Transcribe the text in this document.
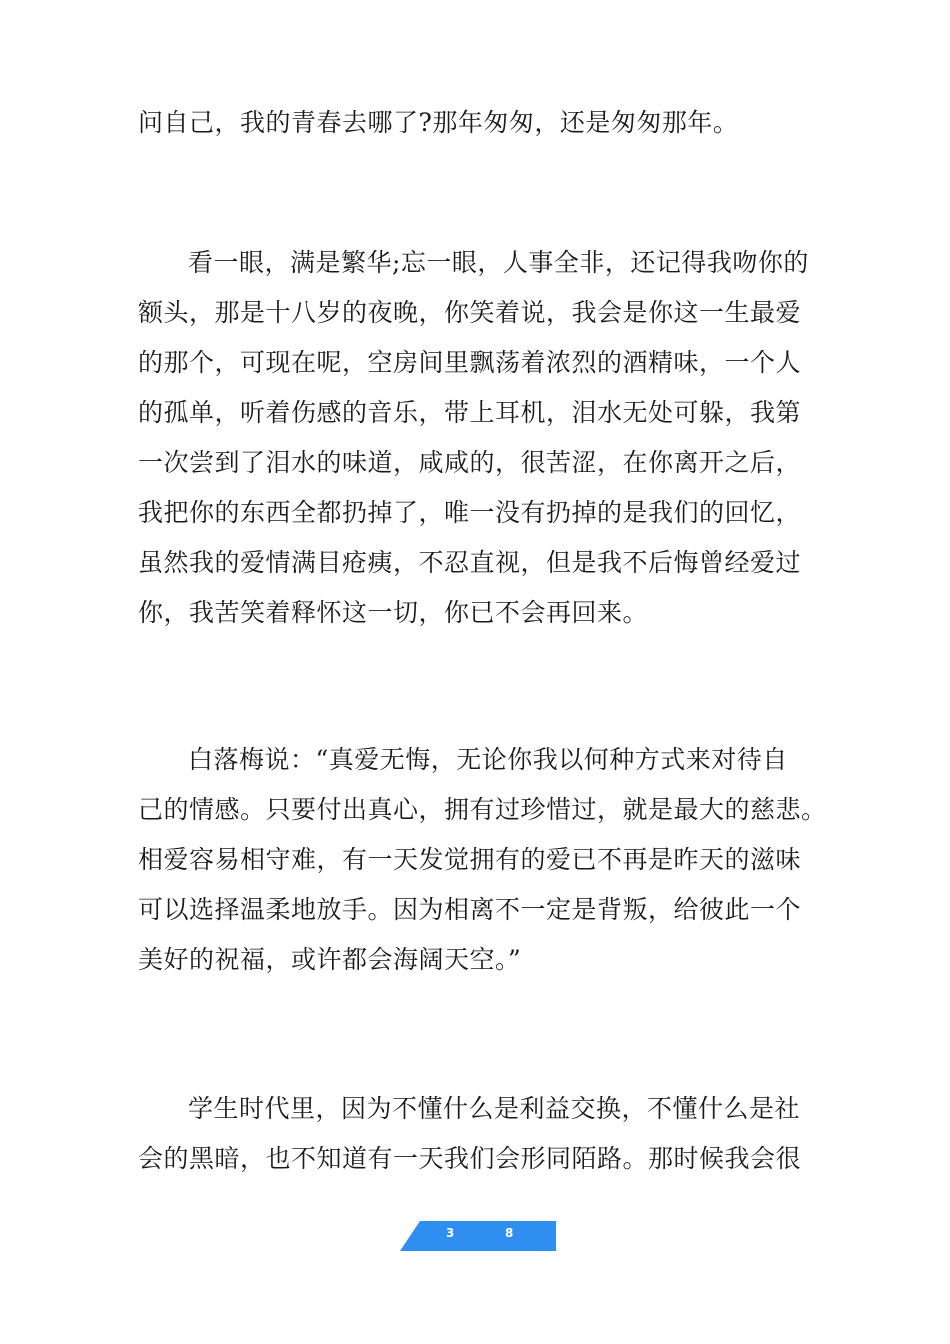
问自己，我的青春去哪了?那年匆匆，还是匆匆那年。
看一眼，满是繁华;忘一眼，人事全非，还记得我吻你的
额头，那是十八岁的夜晚，你笑着说，我会是你这一生最爱
的那个，可现在呢，空房间里飘荡着浓烈的酒精味，一个人
的孤单，听着伤感的音乐，带上耳机，泪水无处可躲，我第
一次尝到了泪水的味道，咸咸的，很苦涩，在你离开之后，
我把你的东西全都扔掉了，唯一没有扔掉的是我们的回忆，
虽然我的爱情满目疮痍，不忍直视，但是我不后悔曾经爱过
你，我苦笑着释怀这一切，你已不会再回来。
白落梅说：“真爱无悔，无论你我以何种方式来对待自
己的情感。只要付出真心，拥有过珍惜过，就是最大的慈悲。
相爱容易相守难，有一天发觉拥有的爱已不再是昨天的滋味
可以选择温柔地放手。因为相离不一定是背叛，给彼此一个
美好的祝福，或许都会海阔天空。”
学生时代里，因为不懂什么是利益交换，不懂什么是社
会的黑暗，也不知道有一天我们会形同陌路。那时候我会很
3	8
